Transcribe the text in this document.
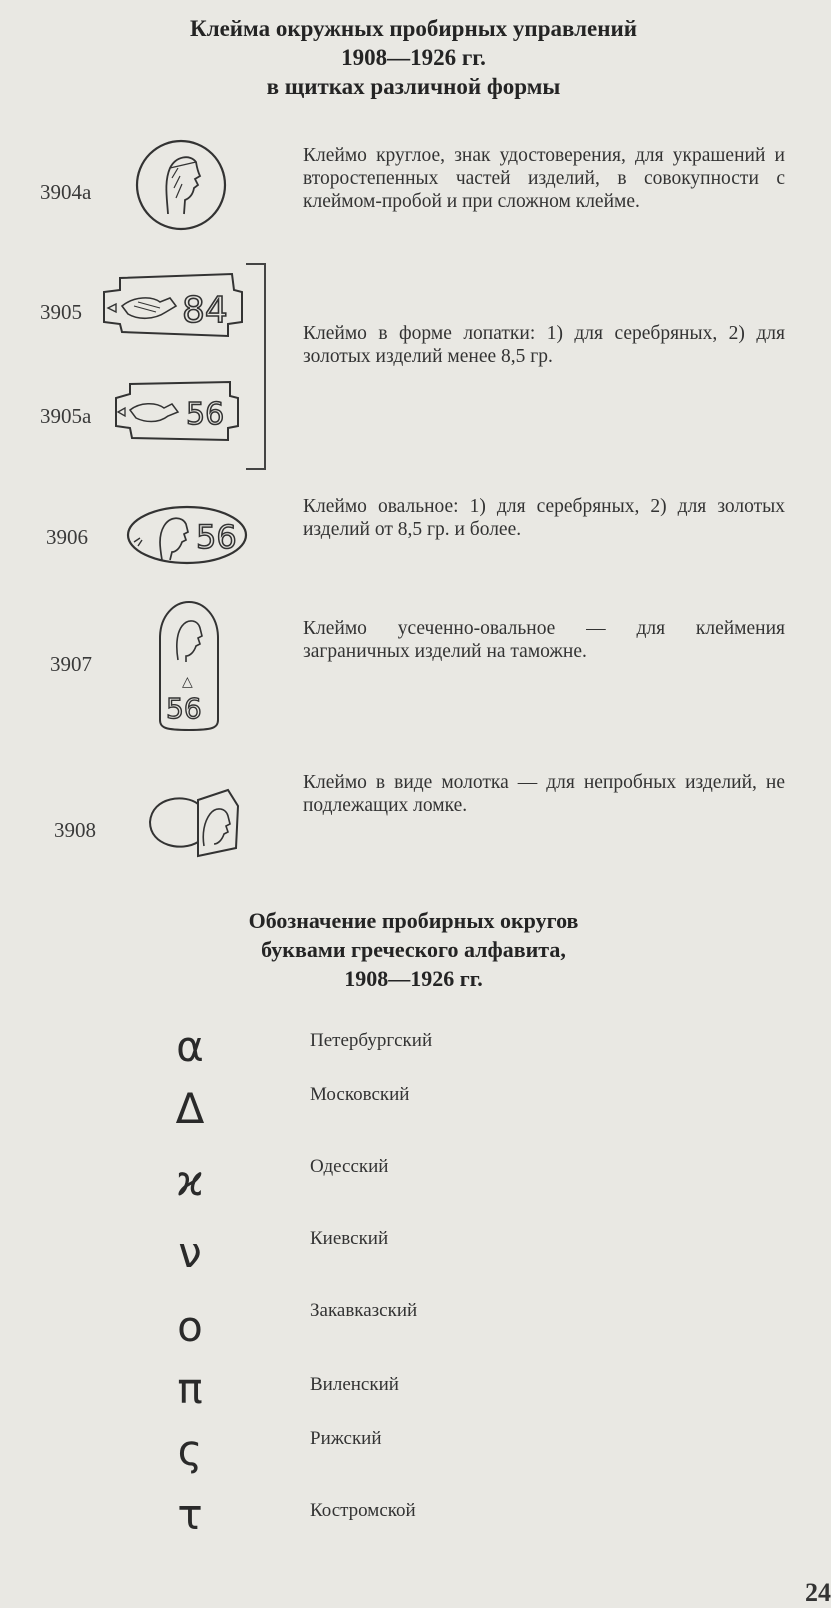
Клейма окружных пробирных управлений
1908—1926 гг.
в щитках различной формы
3904а
Клеймо круглое, знак удостоверения, для украшений и второстепенных частей изделий, в совокупности с клеймом-пробой и при сложном клейме.
3905	84
3905а	56
Клеймо в форме лопатки: 1) для серебряных, 2) для золотых изделий менее 8,5 гр.
3906	56
Клеймо овальное: 1) для серебряных, 2) для золотых изделий от 8,5 гр. и более.
3907
△
56
Клеймо усеченно-овальное — для клеймения заграничных изделий на таможне.
3908
Клеймо в виде молотка — для непробных изделий, не подлежащих ломке.
Обозначение пробирных округов
буквами греческого алфавита,
1908—1926 гг.
α	Петербургский
Δ	Московский
ϰ	Одесский
ν	Киевский
ο	Закавказский
π	Виленский
ς	Рижский
τ	Костромской
24
